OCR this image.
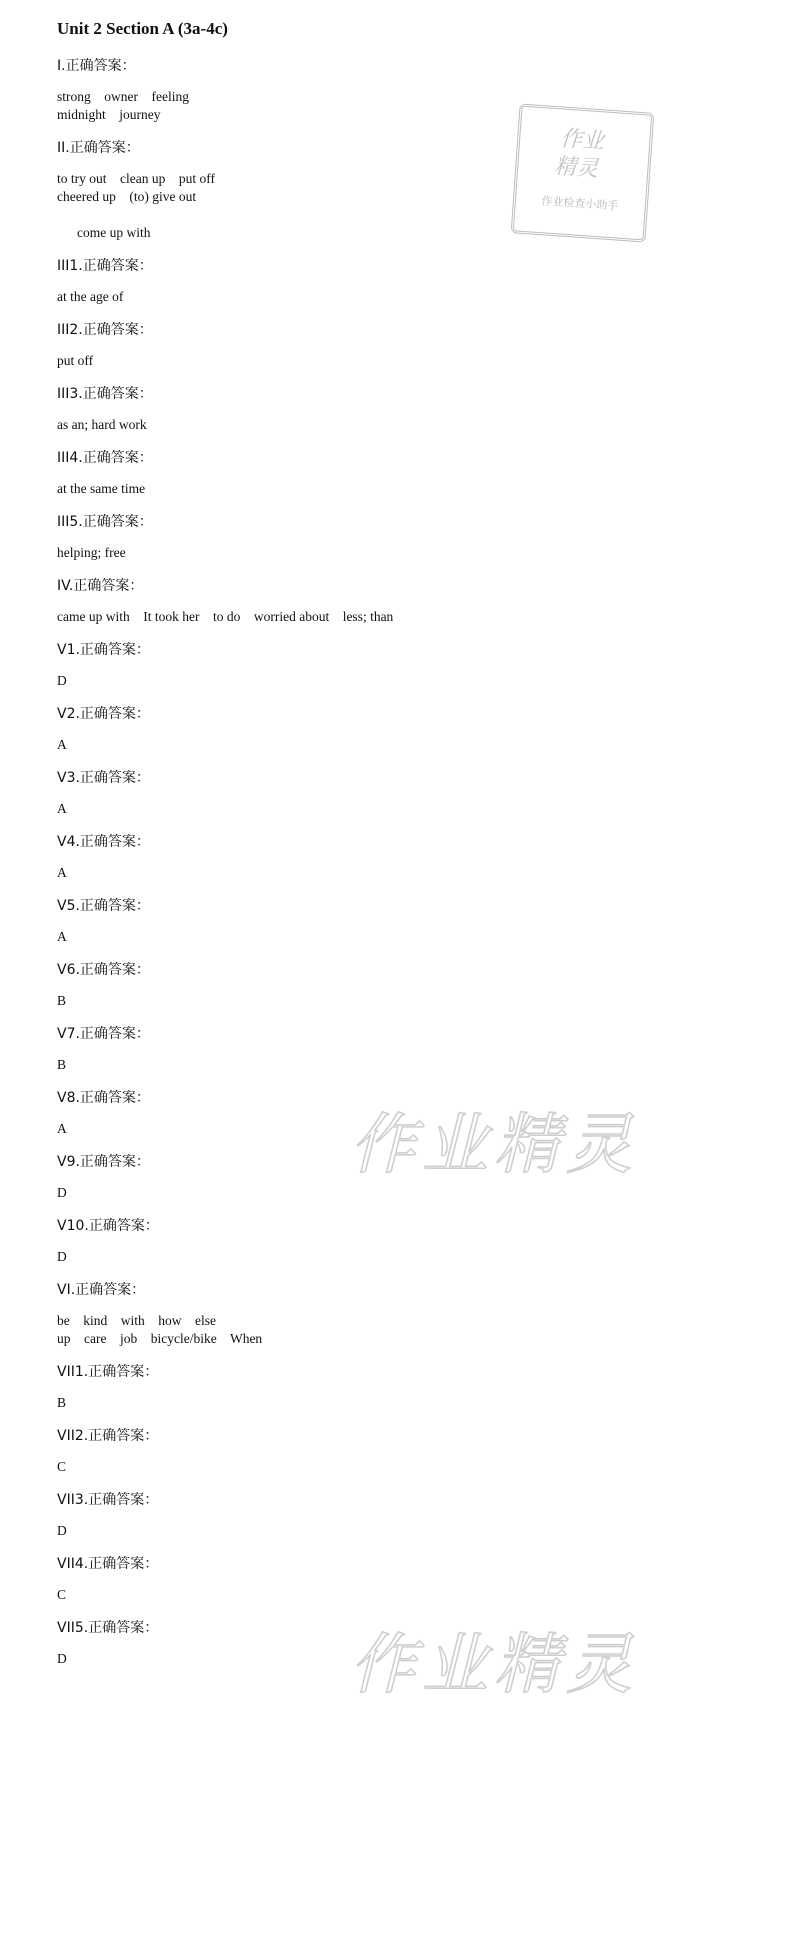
Unit 2 Section A (3a-4c)
I.正确答案：
strong    owner    feeling
midnight    journey
II.正确答案：
to try out    clean up    put off
cheered up    (to) give out
come up with
III1.正确答案：
at the age of
III2.正确答案：
put off
III3.正确答案：
as an; hard work
III4.正确答案：
at the same time
III5.正确答案：
helping; free
IV.正确答案：
came up with    It took her    to do    worried about    less; than
V1.正确答案：
D
V2.正确答案：
A
V3.正确答案：
A
V4.正确答案：
A
V5.正确答案：
A
V6.正确答案：
B
V7.正确答案：
B
V8.正确答案：
A
V9.正确答案：
D
V10.正确答案：
D
VI.正确答案：
be    kind    with    how    else
up    care    job    bicycle/bike    When
VII1.正确答案：
B
VII2.正确答案：
C
VII3.正确答案：
D
VII4.正确答案：
C
VII5.正确答案：
D
作业
精灵
作业检查小助手
作业精灵
作业精灵
